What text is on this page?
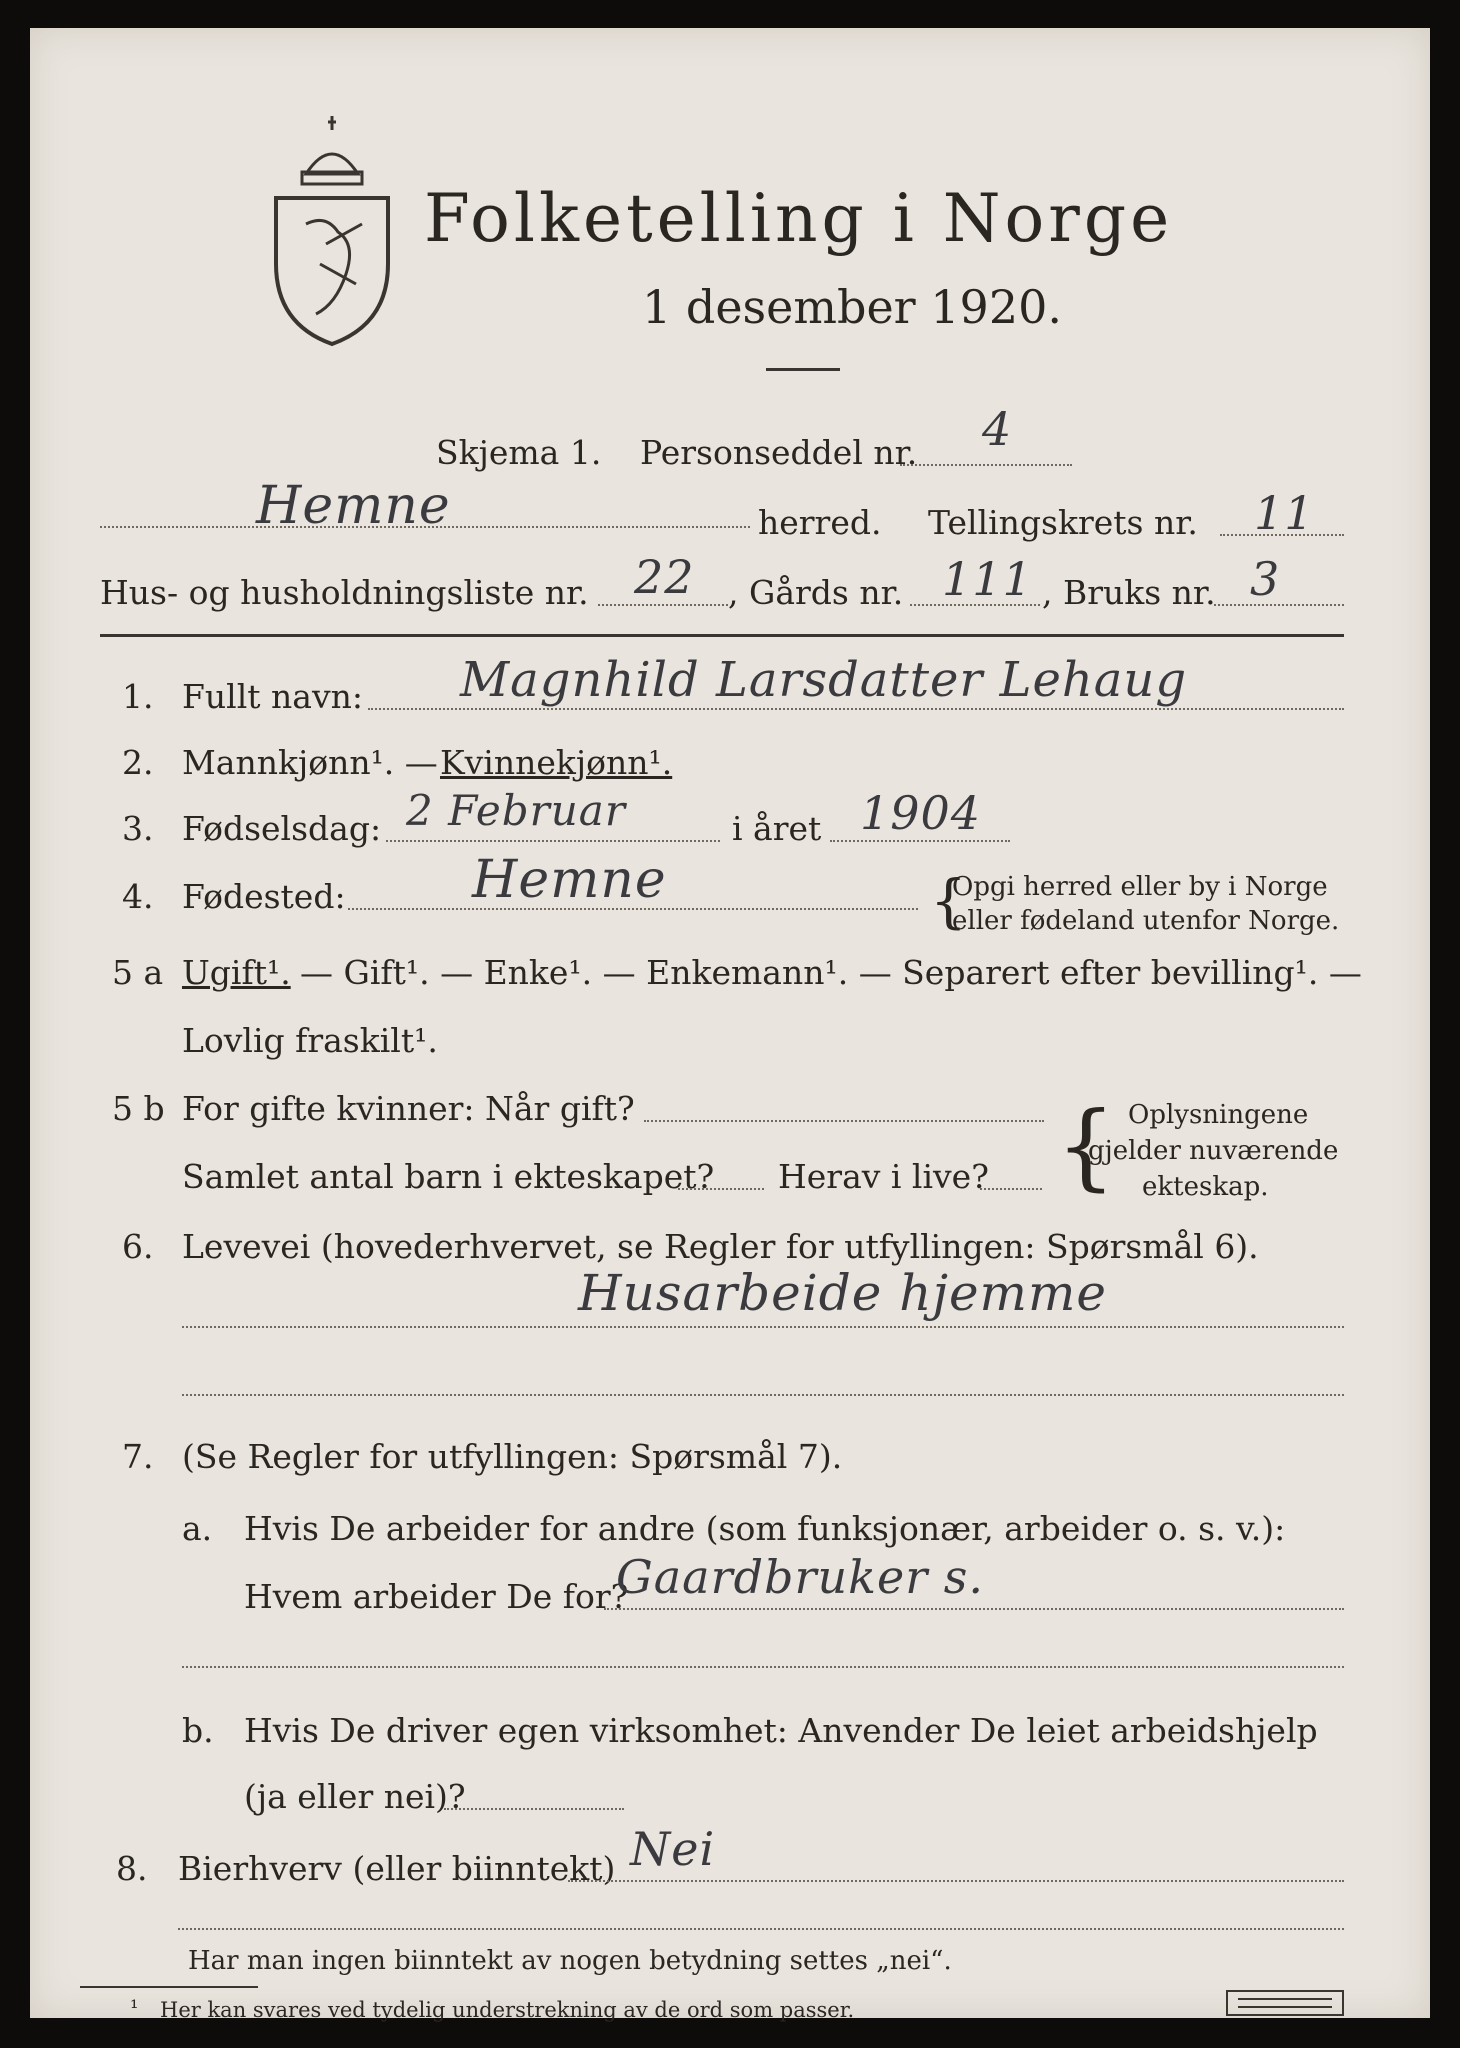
Folketelling i Norge
1 desember 1920.
Skjema 1. Personseddel nr. 4
Hemne	herred. Tellingskrets nr. 11
Hus- og husholdningsliste nr. 22 , Gårds nr. 111 , Bruks nr. 3
1. Fullt navn: Magnhild Larsdatter Lehaug
2. Mannkjønn¹. — Kvinnekjønn¹.
3. Fødselsdag: 2 Februar	i året 1904
4. Fødested: Hemne	{
Opgi herred eller by i Norge
eller fødeland utenfor Norge.
5 a Ugift¹. — Gift¹. — Enke¹. — Enkemann¹. — Separert efter bevilling¹. —
Lovlig fraskilt¹.
5 b For gifte kvinner: Når gift?
Samlet antal barn i ekteskapet? Herav i live? { Oplysningene
gjelder nuværende
ekteskap.
6. Levevei (hovederhvervet, se Regler for utfyllingen: Spørsmål 6).
Husarbeide hjemme
7. (Se Regler for utfyllingen: Spørsmål 7).
a. Hvis De arbeider for andre (som funksjonær, arbeider o. s. v.):
Hvem arbeider De for?
Gaardbruker s.
b. Hvis De driver egen virksomhet: Anvender De leiet arbeidshjelp
(ja eller nei)?
8. Bierhverv (eller biinntekt) Nei
Har man ingen biinntekt av nogen betydning settes „nei“.
¹ Her kan svares ved tydelig understrekning av de ord som passer.
